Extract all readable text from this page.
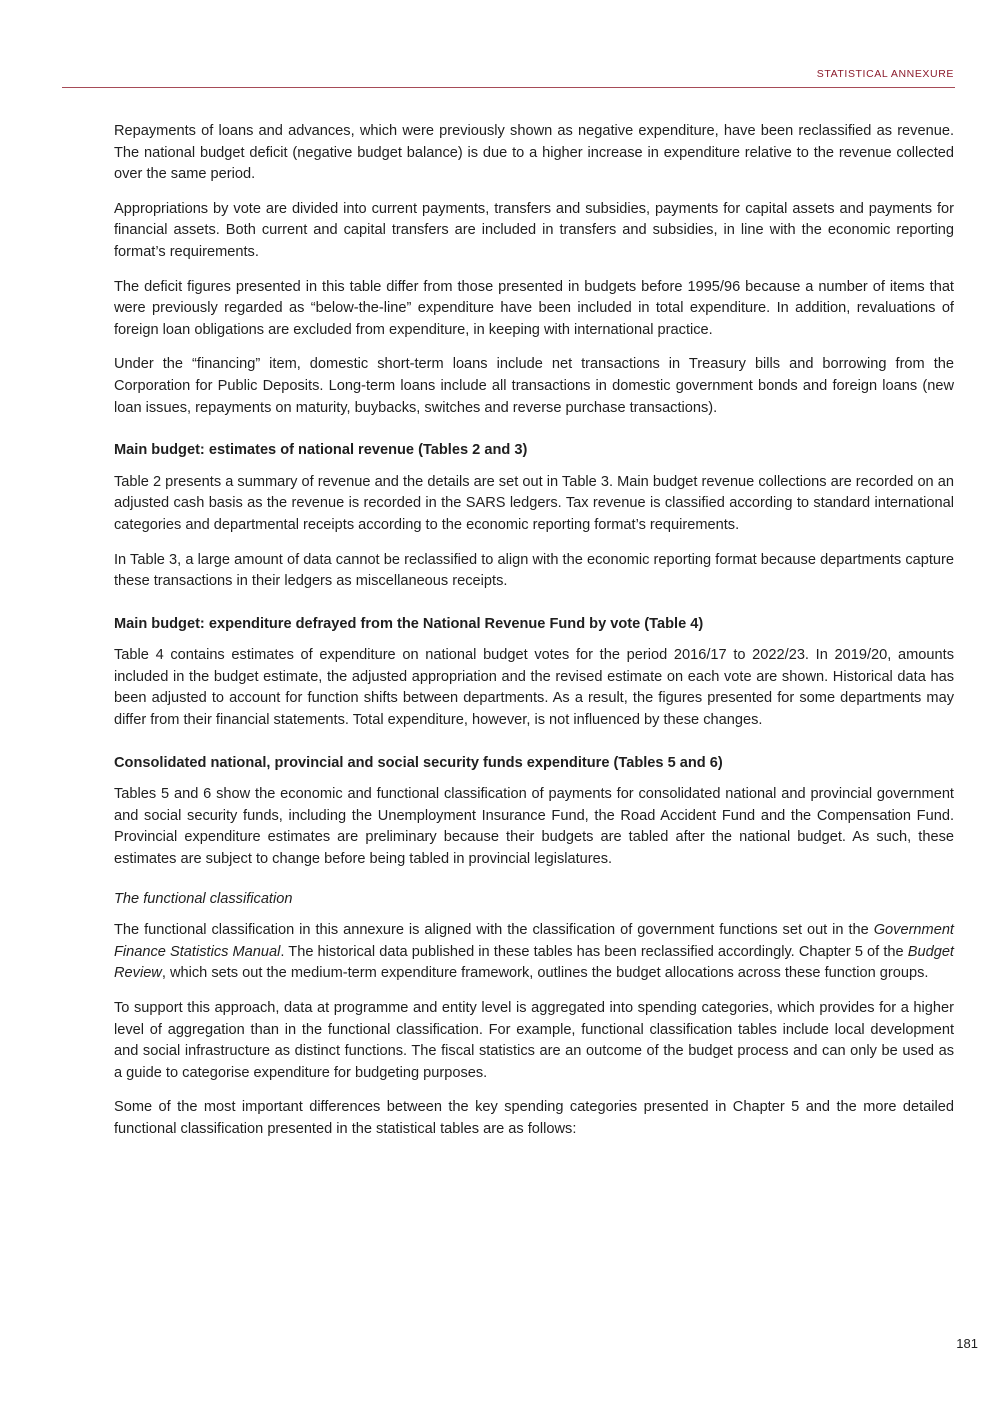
STATISTICAL ANNEXURE

Repayments of loans and advances, which were previously shown as negative expenditure, have been reclassified as revenue. The national budget deficit (negative budget balance) is due to a higher increase in expenditure relative to the revenue collected over the same period.

Appropriations by vote are divided into current payments, transfers and subsidies, payments for capital assets and payments for financial assets. Both current and capital transfers are included in transfers and subsidies, in line with the economic reporting format’s requirements.

The deficit figures presented in this table differ from those presented in budgets before 1995/96 because a number of items that were previously regarded as “below-the-line” expenditure have been included in total expenditure. In addition, revaluations of foreign loan obligations are excluded from expenditure, in keeping with international practice.

Under the “financing” item, domestic short-term loans include net transactions in Treasury bills and borrowing from the Corporation for Public Deposits. Long-term loans include all transactions in domestic government bonds and foreign loans (new loan issues, repayments on maturity, buybacks, switches and reverse purchase transactions).

Main budget: estimates of national revenue (Tables 2 and 3)

Table 2 presents a summary of revenue and the details are set out in Table 3. Main budget revenue collections are recorded on an adjusted cash basis as the revenue is recorded in the SARS ledgers. Tax revenue is classified according to standard international categories and departmental receipts according to the economic reporting format’s requirements.

In Table 3, a large amount of data cannot be reclassified to align with the economic reporting format because departments capture these transactions in their ledgers as miscellaneous receipts.

Main budget: expenditure defrayed from the National Revenue Fund by vote (Table 4)

Table 4 contains estimates of expenditure on national budget votes for the period 2016/17 to 2022/23. In 2019/20, amounts included in the budget estimate, the adjusted appropriation and the revised estimate on each vote are shown. Historical data has been adjusted to account for function shifts between departments. As a result, the figures presented for some departments may differ from their financial statements. Total expenditure, however, is not influenced by these changes.

Consolidated national, provincial and social security funds expenditure (Tables 5 and 6)

Tables 5 and 6 show the economic and functional classification of payments for consolidated national and provincial government and social security funds, including the Unemployment Insurance Fund, the Road Accident Fund and the Compensation Fund. Provincial expenditure estimates are preliminary because their budgets are tabled after the national budget. As such, these estimates are subject to change before being tabled in provincial legislatures.

The functional classification

The functional classification in this annexure is aligned with the classification of government functions set out in the Government Finance Statistics Manual. The historical data published in these tables has been reclassified accordingly. Chapter 5 of the Budget Review, which sets out the medium-term expenditure framework, outlines the budget allocations across these function groups.

To support this approach, data at programme and entity level is aggregated into spending categories, which provides for a higher level of aggregation than in the functional classification. For example, functional classification tables include local development and social infrastructure as distinct functions. The fiscal statistics are an outcome of the budget process and can only be used as a guide to categorise expenditure for budgeting purposes.

Some of the most important differences between the key spending categories presented in Chapter 5 and the more detailed functional classification presented in the statistical tables are as follows:

181
